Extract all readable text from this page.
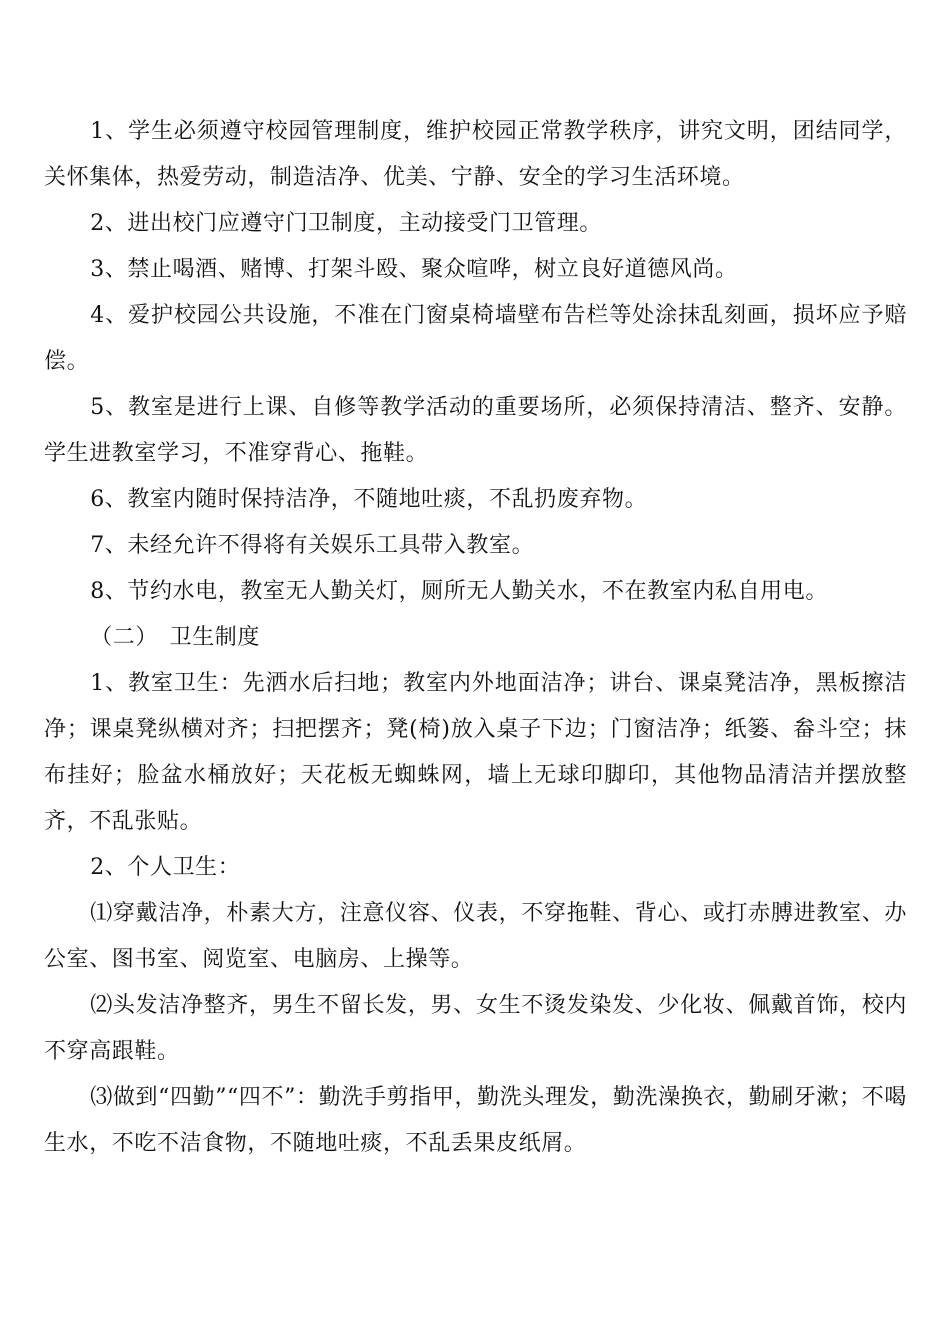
1、学生必须遵守校园管理制度，维护校园正常教学秩序，讲究文明，团结同学，关怀集体，热爱劳动，制造洁净、优美、宁静、安全的学习生活环境。

2、进出校门应遵守门卫制度，主动接受门卫管理。

3、禁止喝酒、赌博、打架斗殴、聚众喧哗，树立良好道德风尚。

4、爱护校园公共设施，不准在门窗桌椅墙壁布告栏等处涂抹乱刻画，损坏应予赔偿。

5、教室是进行上课、自修等教学活动的重要场所，必须保持清洁、整齐、安静。学生进教室学习，不准穿背心、拖鞋。

6、教室内随时保持洁净，不随地吐痰，不乱扔废弃物。

7、未经允许不得将有关娱乐工具带入教室。

8、节约水电，教室无人勤关灯，厕所无人勤关水，不在教室内私自用电。

（二）　卫生制度

1、教室卫生：先洒水后扫地；教室内外地面洁净；讲台、课桌凳洁净，黑板擦洁净；课桌凳纵横对齐；扫把摆齐；凳(椅)放入桌子下边；门窗洁净；纸篓、畚斗空；抹布挂好；脸盆水桶放好；天花板无蜘蛛网，墙上无球印脚印，其他物品清洁并摆放整齐，不乱张贴。

2、个人卫生：

⑴穿戴洁净，朴素大方，注意仪容、仪表，不穿拖鞋、背心、或打赤膊进教室、办公室、图书室、阅览室、电脑房、上操等。

⑵头发洁净整齐，男生不留长发，男、女生不烫发染发、少化妆、佩戴首饰，校内不穿高跟鞋。

⑶做到“四勤”“四不”：勤洗手剪指甲，勤洗头理发，勤洗澡换衣，勤刷牙漱；不喝生水，不吃不洁食物，不随地吐痰，不乱丢果皮纸屑。
